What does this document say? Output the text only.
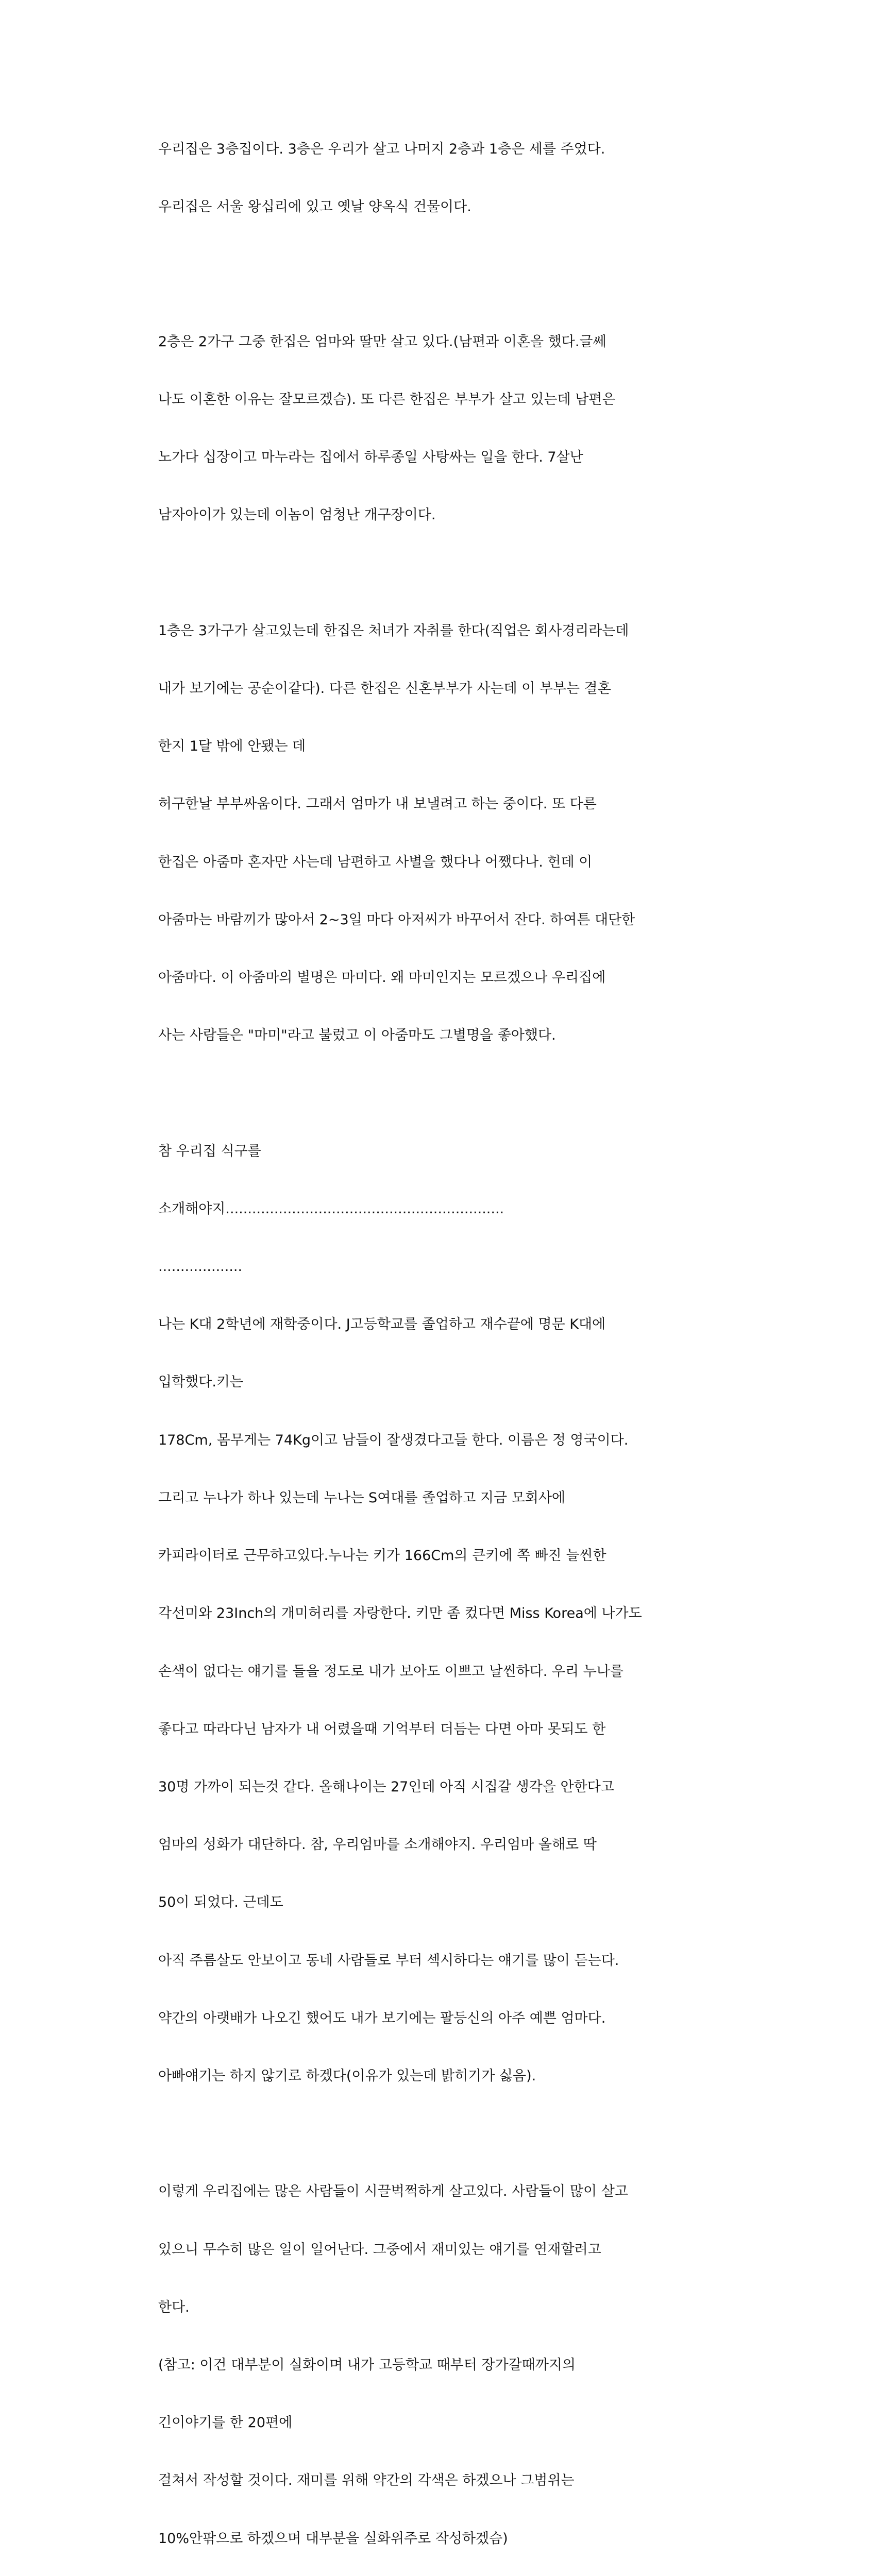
우리집은 3층집이다. 3층은 우리가 살고 나머지 2층과 1층은 세를 주었다.

우리집은 서울 왕십리에 있고 옛날 양옥식 건물이다.

2층은 2가구 그중 한집은 엄마와 딸만 살고 있다.(남편과 이혼을 했다.글쎄

나도 이혼한 이유는 잘모르겠슴). 또 다른 한집은 부부가 살고 있는데 남편은

노가다 십장이고 마누라는 집에서 하루종일 사탕싸는 일을 한다. 7살난

남자아이가 있는데 이놈이 엄청난 개구장이다.

1층은 3가구가 살고있는데 한집은 처녀가 자취를 한다(직업은 회사경리라는데

내가 보기에는 공순이같다). 다른 한집은 신혼부부가 사는데 이 부부는 결혼

한지 1달 밖에 안됐는 데

허구한날 부부싸움이다. 그래서 엄마가 내 보낼려고 하는 중이다. 또 다른

한집은 아줌마 혼자만 사는데 남편하고 사별을 했다나 어쨌다나. 헌데 이

아줌마는 바람끼가 많아서 2~3일 마다 아저씨가 바꾸어서 잔다. 하여튼 대단한

아줌마다. 이 아줌마의 별명은 마미다. 왜 마미인지는 모르겠으나 우리집에

사는 사람들은 "마미"라고 불렀고 이 아줌마도 그별명을 좋아했다.

참 우리집 식구를

소개해야지...............................................................

...................

나는 K대 2학년에 재학중이다. J고등학교를 졸업하고 재수끝에 명문 K대에

입학했다.키는

178Cm, 몸무게는 74Kg이고 남들이 잘생겼다고들 한다. 이름은 정 영국이다.

그리고 누나가 하나 있는데 누나는 S여대를 졸업하고 지금 모회사에

카피라이터로 근무하고있다.누나는 키가 166Cm의 큰키에 쪽 빠진 늘씬한

각선미와 23Inch의 개미허리를 자랑한다. 키만 좀 컸다면 Miss Korea에 나가도

손색이 없다는 얘기를 들을 정도로 내가 보아도 이쁘고 날씬하다. 우리 누나를

좋다고 따라다닌 남자가 내 어렸을때 기억부터 더듬는 다면 아마 못되도 한

30명 가까이 되는것 같다. 올해나이는 27인데 아직 시집갈 생각을 안한다고

엄마의 성화가 대단하다. 참, 우리엄마를 소개해야지. 우리엄마 올해로 딱

50이 되었다. 근데도

아직 주름살도 안보이고 동네 사람들로 부터 섹시하다는 얘기를 많이 듣는다.

약간의 아랫배가 나오긴 했어도 내가 보기에는 팔등신의 아주 예쁜 엄마다.

아빠얘기는 하지 않기로 하겠다(이유가 있는데 밝히기가 싫음).

이렇게 우리집에는 많은 사람들이 시끌벅쩍하게 살고있다. 사람들이 많이 살고

있으니 무수히 많은 일이 일어난다. 그중에서 재미있는 얘기를 연재할려고

한다.

(참고: 이건 대부분이 실화이며 내가 고등학교 때부터 장가갈때까지의

긴이야기를 한 20편에

걸쳐서 작성할 것이다. 재미를 위해 약간의 각색은 하겠으나 그범위는

10%안팎으로 하겠으며 대부분을 실화위주로 작성하겠슴)
